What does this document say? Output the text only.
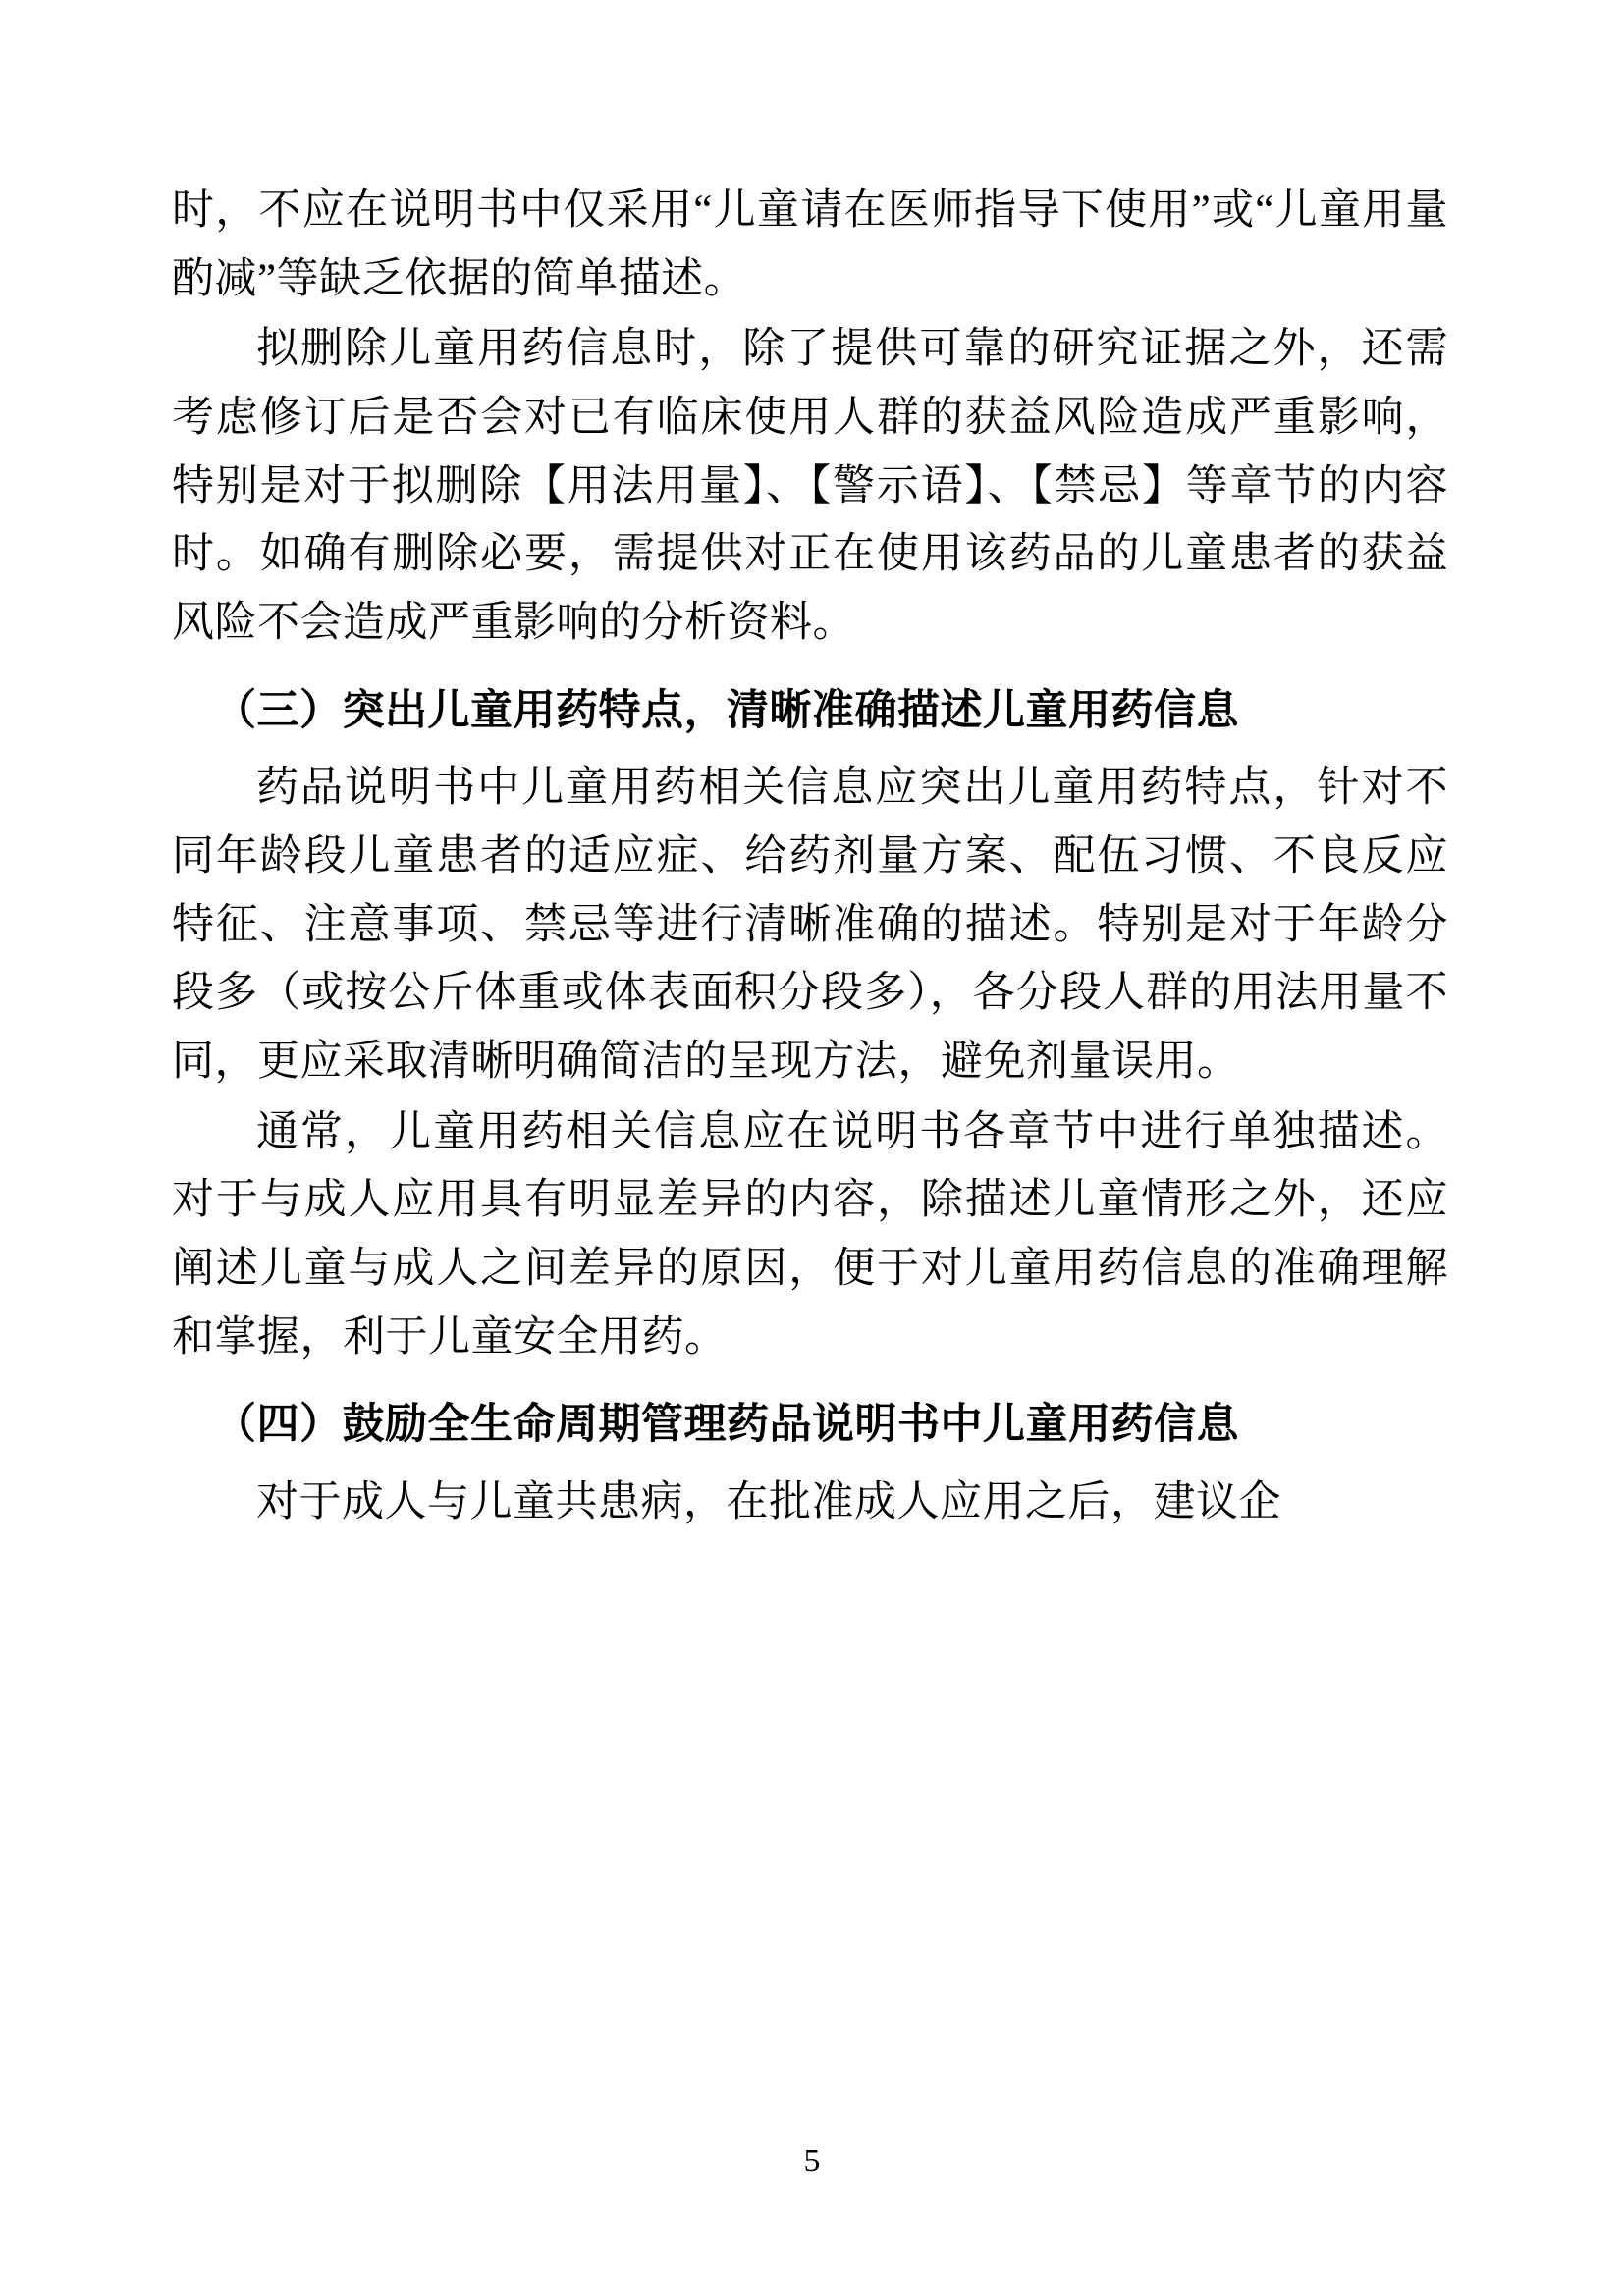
时，不应在说明书中仅采用“儿童请在医师指导下使用”或“儿童用量酌减”等缺乏依据的简单描述。

拟删除儿童用药信息时，除了提供可靠的研究证据之外，还需考虑修订后是否会对已有临床使用人群的获益风险造成严重影响，特别是对于拟删除【用法用量】、【警示语】、【禁忌】等章节的内容时。如确有删除必要，需提供对正在使用该药品的儿童患者的获益风险不会造成严重影响的分析资料。

（三）突出儿童用药特点，清晰准确描述儿童用药信息

药品说明书中儿童用药相关信息应突出儿童用药特点，针对不同年龄段儿童患者的适应症、给药剂量方案、配伍习惯、不良反应特征、注意事项、禁忌等进行清晰准确的描述。特别是对于年龄分段多（或按公斤体重或体表面积分段多），各分段人群的用法用量不同，更应采取清晰明确简洁的呈现方法，避免剂量误用。

通常，儿童用药相关信息应在说明书各章节中进行单独描述。对于与成人应用具有明显差异的内容，除描述儿童情形之外，还应阐述儿童与成人之间差异的原因，便于对儿童用药信息的准确理解和掌握，利于儿童安全用药。

（四）鼓励全生命周期管理药品说明书中儿童用药信息

对于成人与儿童共患病，在批准成人应用之后，建议企

5
